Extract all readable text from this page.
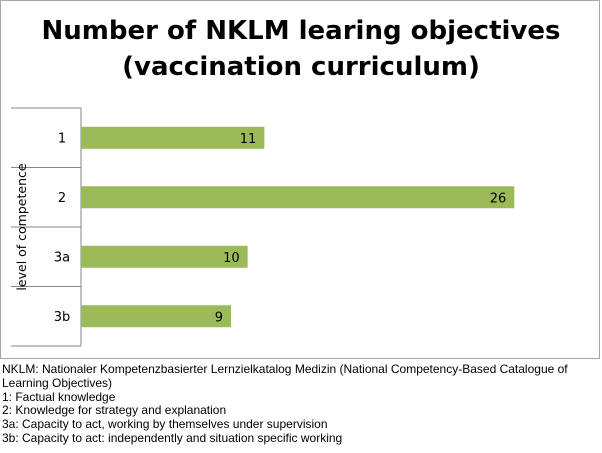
Number of NKLM learing objectives
(vaccination curriculum)
level of competence
1	11
2	26
3a	10
3b	9
NKLM: Nationaler Kompetenzbasierter Lernzielkatalog Medizin (National Competency-Based Catalogue of Learning Objectives)
1: Factual knowledge
2: Knowledge for strategy and explanation
3a: Capacity to act, working by themselves under supervision
3b: Capacity to act: independently and situation specific working
